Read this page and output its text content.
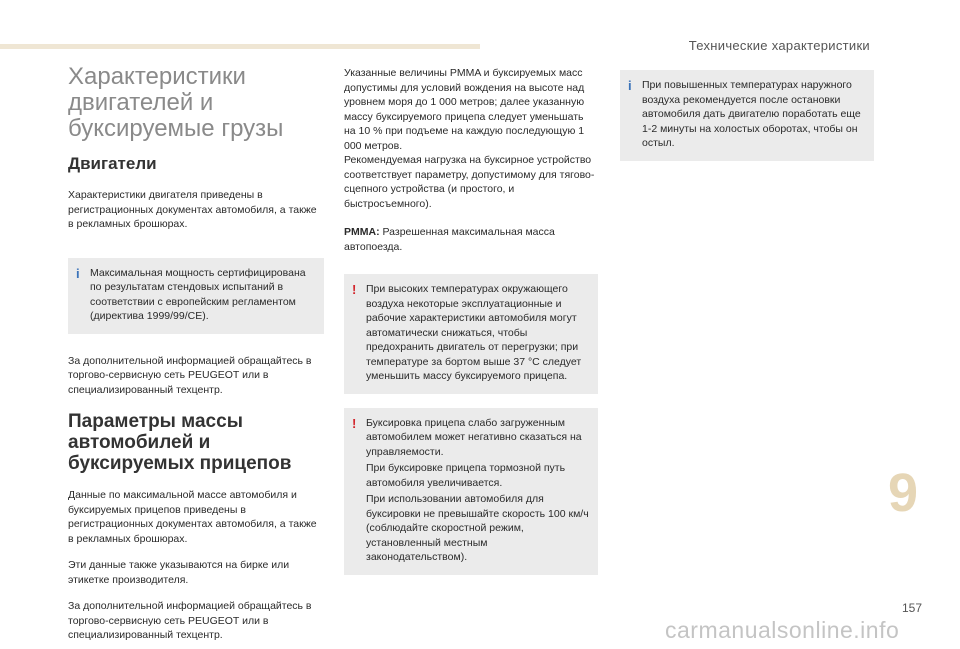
Технические характеристики
Характеристики двигателей и буксируемые грузы
Двигатели

Характеристики двигателя приведены в регистрационных документах автомобиля, а также в рекламных брошюрах.

i Максимальная мощность сертифицирована по результатам стендовых испытаний в соответствии с европейским регламентом (директива 1999/99/CE).

За дополнительной информацией обращайтесь в торгово-сервисную сеть PEUGEOT или в специализированный техцентр.

Параметры массы автомобилей и буксируемых прицепов

Данные по максимальной массе автомобиля и буксируемых прицепов приведены в регистрационных документах автомобиля, а также в рекламных брошюрах.

Эти данные также указываются на бирке или этикетке производителя.

За дополнительной информацией обращайтесь в торгово-сервисную сеть PEUGEOT или в специализированный техцентр.

Указанные величины PMMA и буксируемых масс допустимы для условий вождения на высоте над уровнем моря до 1 000 метров; далее указанную массу буксируемого прицепа следует уменьшать на 10 % при подъеме на каждую последующую 1 000 метров.

Рекомендуемая нагрузка на буксирное устройство соответствует параметру, допустимому для тягово-сцепного устройства (и простого, и быстросъемного).

PMMA: Разрешенная максимальная масса автопоезда.

! При высоких температурах окружающего воздуха некоторые эксплуатационные и рабочие характеристики автомобиля могут автоматически снижаться, чтобы предохранить двигатель от перегрузки; при температуре за бортом выше 37 °C следует уменьшить массу буксируемого прицепа.
! Буксировка прицепа слабо загруженным автомобилем может негативно сказаться на управляемости.
При буксировке прицепа тормозной путь автомобиля увеличивается.
При использовании автомобиля для буксировки не превышайте скорость 100 км/ч (соблюдайте скоростной режим, установленный местным законодательством).
i При повышенных температурах наружного воздуха рекомендуется после остановки автомобиля дать двигателю поработать еще 1-2 минуты на холостых оборотах, чтобы он остыл.
9
157
carmanualsonline.info
